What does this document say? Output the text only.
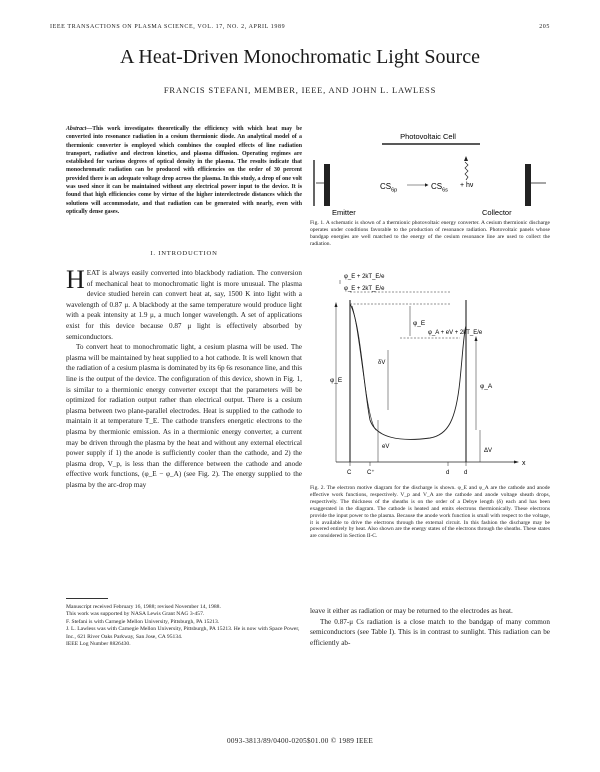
IEEE TRANSACTIONS ON PLASMA SCIENCE, VOL. 17, NO. 2, APRIL 1989	205
A Heat-Driven Monochromatic Light Source
FRANCIS STEFANI, MEMBER, IEEE, AND JOHN L. LAWLESS
Abstract—This work investigates theoretically the efficiency with which heat may be converted into resonance radiation in a cesium thermionic diode. An analytical model of a thermionic converter is employed which combines the coupled effects of line radiation transport, radiative and electron kinetics, and plasma diffusion. Operating regimes are established for various degrees of optical density in the plasma. The results indicate that monochromatic radiation can be produced with efficiencies on the order of 30 percent provided there is an adequate voltage drop across the plasma. In this study, a drop of one volt was used since it can be maintained without any electrical power input to the device. It is found that high efficiencies come by virtue of the higher interelectrode distances which the solutions will accommodate, and that radiation can be generated with nearly, even with optically dense gases.
I. INTRODUCTION

HEAT is always easily converted into blackbody radiation. The conversion of mechanical heat to monochromatic light is more unusual. The plasma device studied herein can convert heat at, say, 1500 K into light with a wavelength of 0.87 μ. A blackbody at the same temperature would produce light with a peak intensity at 1.9 μ, a much longer wavelength. A set of applications exist for this device because 0.87 μ light is effectively absorbed by semiconductors.

To convert heat to monochromatic light, a cesium plasma will be used. The plasma will be maintained by heat supplied to a hot cathode. It is well known that the radiation of a cesium plasma is dominated by its 6p 6s resonance line, and this line is the output of the device. The configuration of this device, shown in Fig. 1, is similar to a thermionic energy converter except that the parameters will be optimized for radiation output rather than electrical output. There is a cesium plasma between two plane-parallel electrodes. Heat is supplied to the cathode to maintain it at temperature T_E. The cathode transfers energetic electrons to the plasma by thermionic emission. As in a thermionic energy converter, a current may be driven through the plasma by the heat and without any external electrical power supply if 1) the anode is sufficiently cooler than the cathode, and 2) the plasma drop, V_p, is less than the difference between the cathode and anode effective work functions, (φ_E − φ_A) (see Fig. 2). The energy supplied to the plasma by the arc-drop may

Manuscript received February 16, 1988; revised November 14, 1988.
This work was supported by NASA Lewis Grant NAG 3-457.
F. Stefani is with Carnegie Mellon University, Pittsburgh, PA 15213.
J. L. Lawless was with Carnegie Mellon University, Pittsburgh, PA 15213. He is now with Space Power, Inc., 621 River Oaks Parkway, San Jose, CA 95134.
IEEE Log Number 8826430.
Photovoltaic Cell
$CS_{6p}$	$CS_{6s}$
+ hν
Emitter	Collector
Fig. 1. A schematic is shown of a thermionic photovoltaic energy converter. A cesium thermionic discharge operates under conditions favorable to the production of resonance radiation. Photovoltaic panels whose bandgap energies are well matched to the energy of the cesium resonance line are used to collect the radiation.
φ_E + 2kT_E/e
φ_E + 2kT_E/e
φ_E
φ_E
φ_A + eV + 2kT_E/e
δV
φ_A
eV
ΔV
x
C	C⁺	d d
Fig. 2. The electron motive diagram for the discharge is shown. φ_E and φ_A are the cathode and anode effective work functions, respectively. V_p and V_A are the cathode and anode voltage sheath drops, respectively. The thickness of the sheaths is on the order of a Debye length (δ) each and has been exaggerated in the diagram. The cathode is heated and emits electrons thermionically. These electrons provide the input power to the plasma. Because the anode work function is small with respect to the voltage, it is available to drive the electrons through the external circuit. In this fashion the discharge may be powered entirely by heat. Also shown are the energy states of the electrons through the sheaths. These states are considered in Section II-C.

leave it either as radiation or may be returned to the electrodes as heat.

The 0.87-μ Cs radiation is a close match to the bandgap of many common semiconductors (see Table I). This is in contrast to sunlight. This radiation can be efficiently ab-

0093-3813/89/0400-0205$01.00 © 1989 IEEE
